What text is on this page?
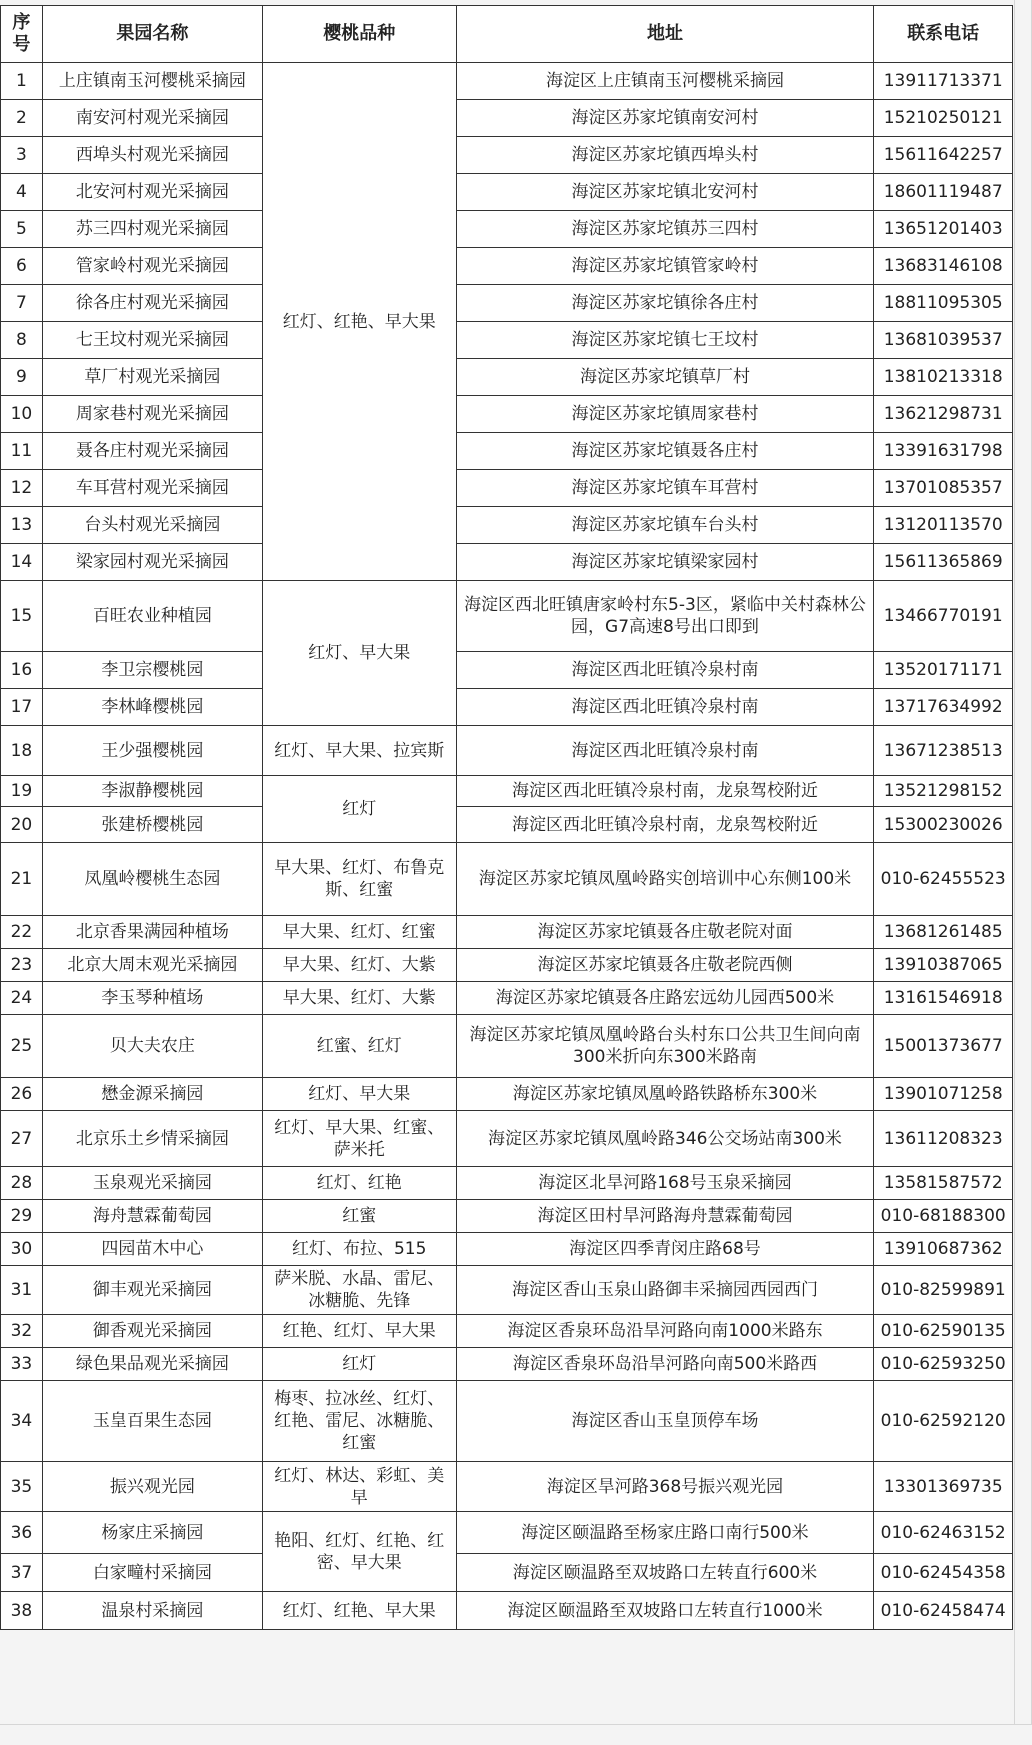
序号	果园名称	樱桃品种	地址	联系电话
1	上庄镇南玉河樱桃采摘园	红灯、红艳、早大果	海淀区上庄镇南玉河樱桃采摘园	13911713371
2	南安河村观光采摘园		海淀区苏家坨镇南安河村	15210250121
3	西埠头村观光采摘园		海淀区苏家坨镇西埠头村	15611642257
4	北安河村观光采摘园		海淀区苏家坨镇北安河村	18601119487
5	苏三四村观光采摘园		海淀区苏家坨镇苏三四村	13651201403
6	管家岭村观光采摘园		海淀区苏家坨镇管家岭村	13683146108
7	徐各庄村观光采摘园		海淀区苏家坨镇徐各庄村	18811095305
8	七王坟村观光采摘园		海淀区苏家坨镇七王坟村	13681039537
9	草厂村观光采摘园		海淀区苏家坨镇草厂村	13810213318
10	周家巷村观光采摘园		海淀区苏家坨镇周家巷村	13621298731
11	聂各庄村观光采摘园		海淀区苏家坨镇聂各庄村	13391631798
12	车耳营村观光采摘园		海淀区苏家坨镇车耳营村	13701085357
13	台头村观光采摘园		海淀区苏家坨镇车台头村	13120113570
14	梁家园村观光采摘园		海淀区苏家坨镇梁家园村	15611365869
15	百旺农业种植园	红灯、早大果	海淀区西北旺镇唐家岭村东5-3区，紧临中关村森林公园，G7高速8号出口即到	13466770191
16	李卫宗樱桃园		海淀区西北旺镇冷泉村南	13520171171
17	李林峰樱桃园		海淀区西北旺镇冷泉村南	13717634992
18	王少强樱桃园	红灯、早大果、拉宾斯	海淀区西北旺镇冷泉村南	13671238513
19	李淑静樱桃园	红灯	海淀区西北旺镇冷泉村南，龙泉驾校附近	13521298152
20	张建桥樱桃园		海淀区西北旺镇冷泉村南，龙泉驾校附近	15300230026
21	凤凰岭樱桃生态园	早大果、红灯、布鲁克斯、红蜜	海淀区苏家坨镇凤凰岭路实创培训中心东侧100米	010-62455523
22	北京香果满园种植场	早大果、红灯、红蜜	海淀区苏家坨镇聂各庄敬老院对面	13681261485
23	北京大周末观光采摘园	早大果、红灯、大紫	海淀区苏家坨镇聂各庄敬老院西侧	13910387065
24	李玉琴种植场	早大果、红灯、大紫	海淀区苏家坨镇聂各庄路宏远幼儿园西500米	13161546918
25	贝大夫农庄	红蜜、红灯	海淀区苏家坨镇凤凰岭路台头村东口公共卫生间向南300米折向东300米路南	15001373677
26	懋金源采摘园	红灯、早大果	海淀区苏家坨镇凤凰岭路铁路桥东300米	13901071258
27	北京乐土乡情采摘园	红灯、早大果、红蜜、萨米托	海淀区苏家坨镇凤凰岭路346公交场站南300米	13611208323
28	玉泉观光采摘园	红灯、红艳	海淀区北旱河路168号玉泉采摘园	13581587572
29	海舟慧霖葡萄园	红蜜	海淀区田村旱河路海舟慧霖葡萄园	010-68188300
30	四园苗木中心	红灯、布拉、515	海淀区四季青闵庄路68号	13910687362
31	御丰观光采摘园	萨米脱、水晶、雷尼、冰糖脆、先锋	海淀区香山玉泉山路御丰采摘园西园西门	010-82599891
32	御香观光采摘园	红艳、红灯、早大果	海淀区香泉环岛沿旱河路向南1000米路东	010-62590135
33	绿色果品观光采摘园	红灯	海淀区香泉环岛沿旱河路向南500米路西	010-62593250
34	玉皇百果生态园	梅枣、拉冰丝、红灯、红艳、雷尼、冰糖脆、红蜜	海淀区香山玉皇顶停车场	010-62592120
35	振兴观光园	红灯、林达、彩虹、美早	海淀区旱河路368号振兴观光园	13301369735
36	杨家庄采摘园	艳阳、红灯、红艳、红密、早大果	海淀区颐温路至杨家庄路口南行500米	010-62463152
37	白家疃村采摘园		海淀区颐温路至双坡路口左转直行600米	010-62454358
38	温泉村采摘园	红灯、红艳、早大果	海淀区颐温路至双坡路口左转直行1000米	010-62458474
